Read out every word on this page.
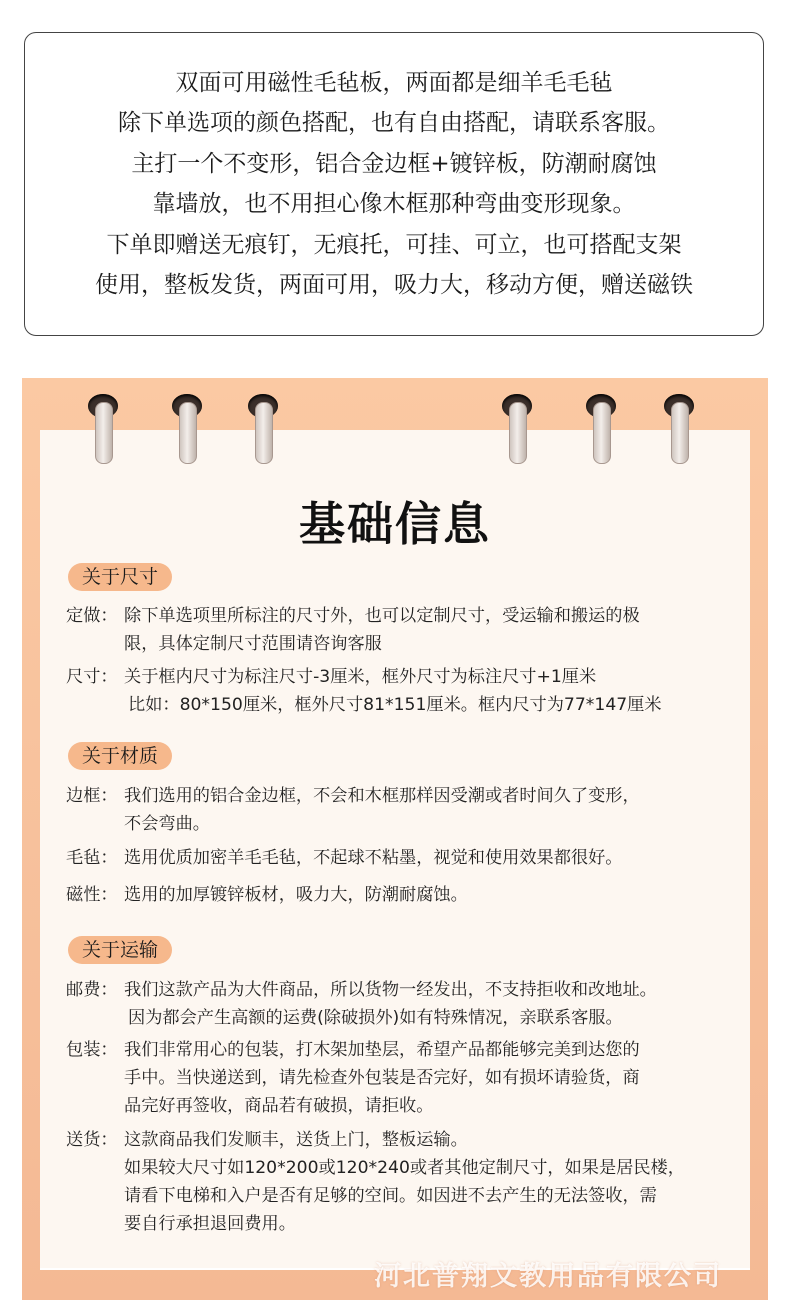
双面可用磁性毛毡板，两面都是细羊毛毛毡
除下单选项的颜色搭配，也有自由搭配，请联系客服。
主打一个不变形，铝合金边框+镀锌板，防潮耐腐蚀
靠墙放，也不用担心像木框那种弯曲变形现象。
下单即赠送无痕钉，无痕托，可挂、可立，也可搭配支架
使用，整板发货，两面可用，吸力大，移动方便，赠送磁铁
基础信息
关于尺寸
定做： 除下单选项里所标注的尺寸外，也可以定制尺寸，受运输和搬运的极
限，具体定制尺寸范围请咨询客服
尺寸： 关于框内尺寸为标注尺寸-3厘米，框外尺寸为标注尺寸+1厘米
比如：80*150厘米，框外尺寸81*151厘米。框内尺寸为77*147厘米
关于材质
边框： 我们选用的铝合金边框，不会和木框那样因受潮或者时间久了变形，
不会弯曲。
毛毡： 选用优质加密羊毛毛毡，不起球不粘墨，视觉和使用效果都很好。
磁性： 选用的加厚镀锌板材，吸力大，防潮耐腐蚀。
关于运输
邮费： 我们这款产品为大件商品，所以货物一经发出，不支持拒收和改地址。
因为都会产生高额的运费(除破损外)如有特殊情况，亲联系客服。
包装： 我们非常用心的包装，打木架加垫层，希望产品都能够完美到达您的
手中。当快递送到，请先检查外包装是否完好，如有损坏请验货，商
品完好再签收，商品若有破损，请拒收。
送货： 这款商品我们发顺丰，送货上门，整板运输。
如果较大尺寸如120*200或120*240或者其他定制尺寸，如果是居民楼，
请看下电梯和入户是否有足够的空间。如因进不去产生的无法签收，需
要自行承担退回费用。
河北普翔文教用品有限公司
